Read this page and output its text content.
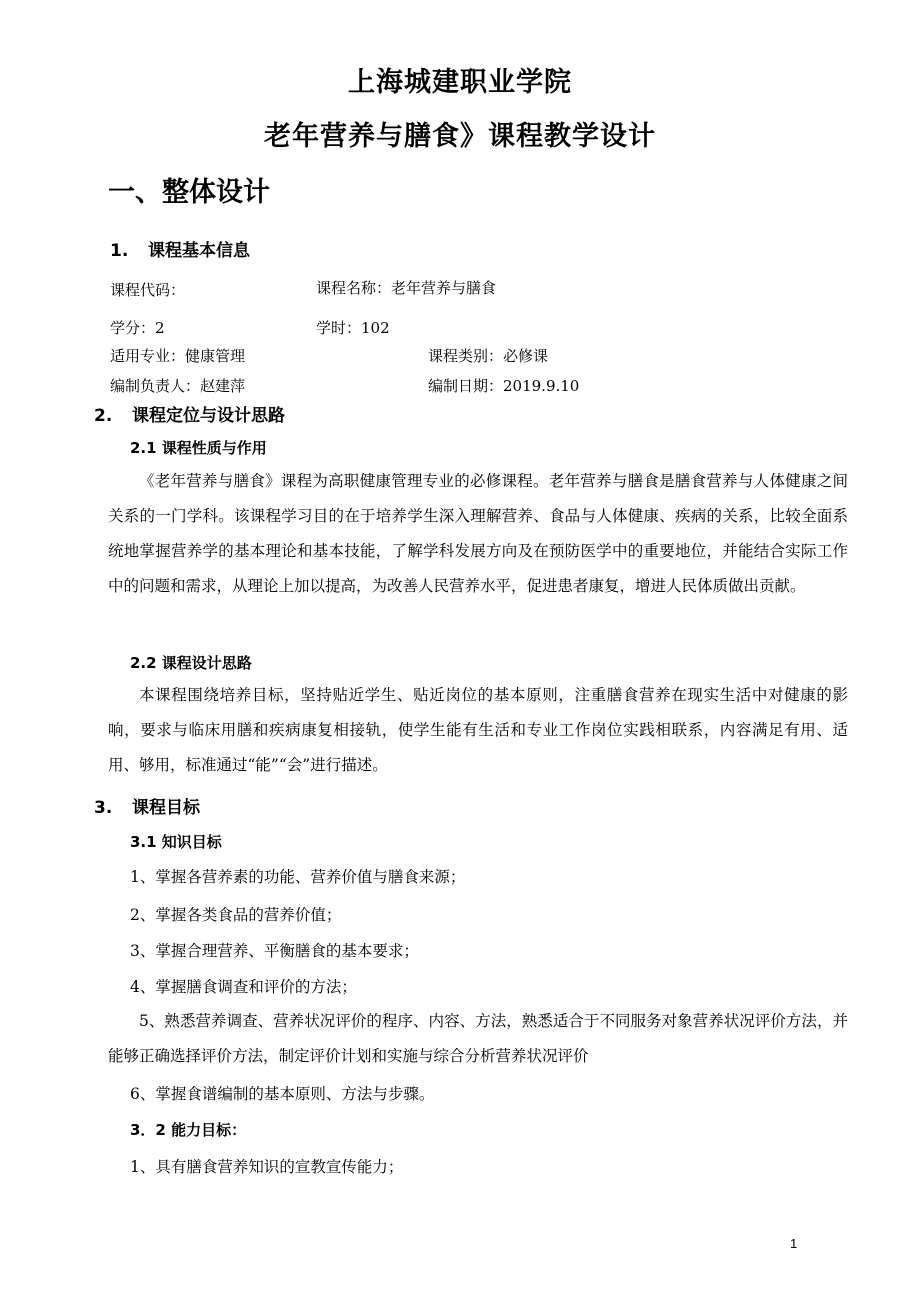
上海城建职业学院
老年营养与膳食》课程教学设计
一、整体设计
1. 课程基本信息
课程代码：	课程名称：老年营养与膳食
学分：2	学时：102
适用专业：健康管理	课程类别：必修课
编制负责人：赵建萍	编制日期：2019.9.10
2. 课程定位与设计思路
2.1 课程性质与作用
《老年营养与膳食》课程为高职健康管理专业的必修课程。老年营养与膳食是膳食营养与人体健康之间关系的一门学科。该课程学习目的在于培养学生深入理解营养、食品与人体健康、疾病的关系，比较全面系统地掌握营养学的基本理论和基本技能，了解学科发展方向及在预防医学中的重要地位，并能结合实际工作中的问题和需求，从理论上加以提高，为改善人民营养水平，促进患者康复，增进人民体质做出贡献。
2.2 课程设计思路
本课程围绕培养目标，坚持贴近学生、贴近岗位的基本原则，注重膳食营养在现实生活中对健康的影响，要求与临床用膳和疾病康复相接轨，使学生能有生活和专业工作岗位实践相联系，内容满足有用、适用、够用，标准通过“能”“会”进行描述。
3. 课程目标
3.1 知识目标
1、掌握各营养素的功能、营养价值与膳食来源；
2、掌握各类食品的营养价值；
3、掌握合理营养、平衡膳食的基本要求；
4、掌握膳食调查和评价的方法；
5、熟悉营养调查、营养状况评价的程序、内容、方法，熟悉适合于不同服务对象营养状况评价方法，并能够正确选择评价方法，制定评价计划和实施与综合分析营养状况评价
6、掌握食谱编制的基本原则、方法与步骤。
3．2 能力目标：
1、具有膳食营养知识的宣教宣传能力；
1
